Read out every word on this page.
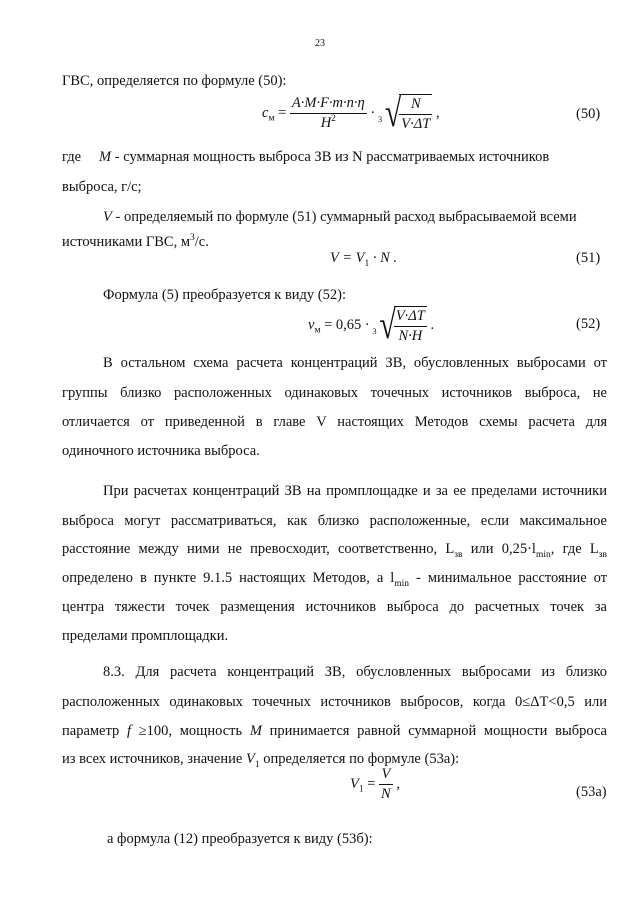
23
ГВС, определяется по формуле (50):
$c_м = \frac{A\cdot M\cdot F\cdot m\cdot n\cdot\eta}{H^2} \cdot 3$ √
$\frac{N}{V\cdot\Delta T}$ ,	(50)
где M - суммарная мощность выброса ЗВ из N рассматриваемых источников
выброса, г/с;
V - определяемый по формуле (51) суммарный расход выбрасываемой всеми
источниками ГВС, $м^3/с$.
$V = V_1 \cdot N$ .	(51)
Формула (5) преобразуется к виду (52):
$v_м = 0,65 \cdot 3$ √
$\frac{V\cdot\Delta T}{N\cdot H}$ .	(52)
В остальном схема расчета концентраций ЗВ, обусловленных выбросами от
группы близко расположенных одинаковых точечных источников выброса, не
отличается от приведенной в главе V настоящих Методов схемы расчета для
одиночного источника выброса.
При расчетах концентраций ЗВ на промплощадке и за ее пределами источники
выброса могут рассматриваться, как близко расположенные, если максимальное
расстояние между ними не превосходит, соответственно, $L_{зв}$ или $0,25\cdot l_{min}$, где $L_{зв}$
определено в пункте 9.1.5 настоящих Методов, а $l_{min}$ - минимальное расстояние от
центра тяжести точек размещения источников выброса до расчетных точек за
пределами промплощадки.
8.3. Для расчета концентраций ЗВ, обусловленных выбросами из близко
расположенных одинаковых точечных источников выбросов, когда 0≤ΔТ<0,5 или
параметр f ≥100, мощность M принимается равной суммарной мощности выброса
из всех источников, значение $V_1$ определяется по формуле (53а):
$V_1 = \frac{V}{N}$ ,
(53а)
а формула (12) преобразуется к виду (53б):
